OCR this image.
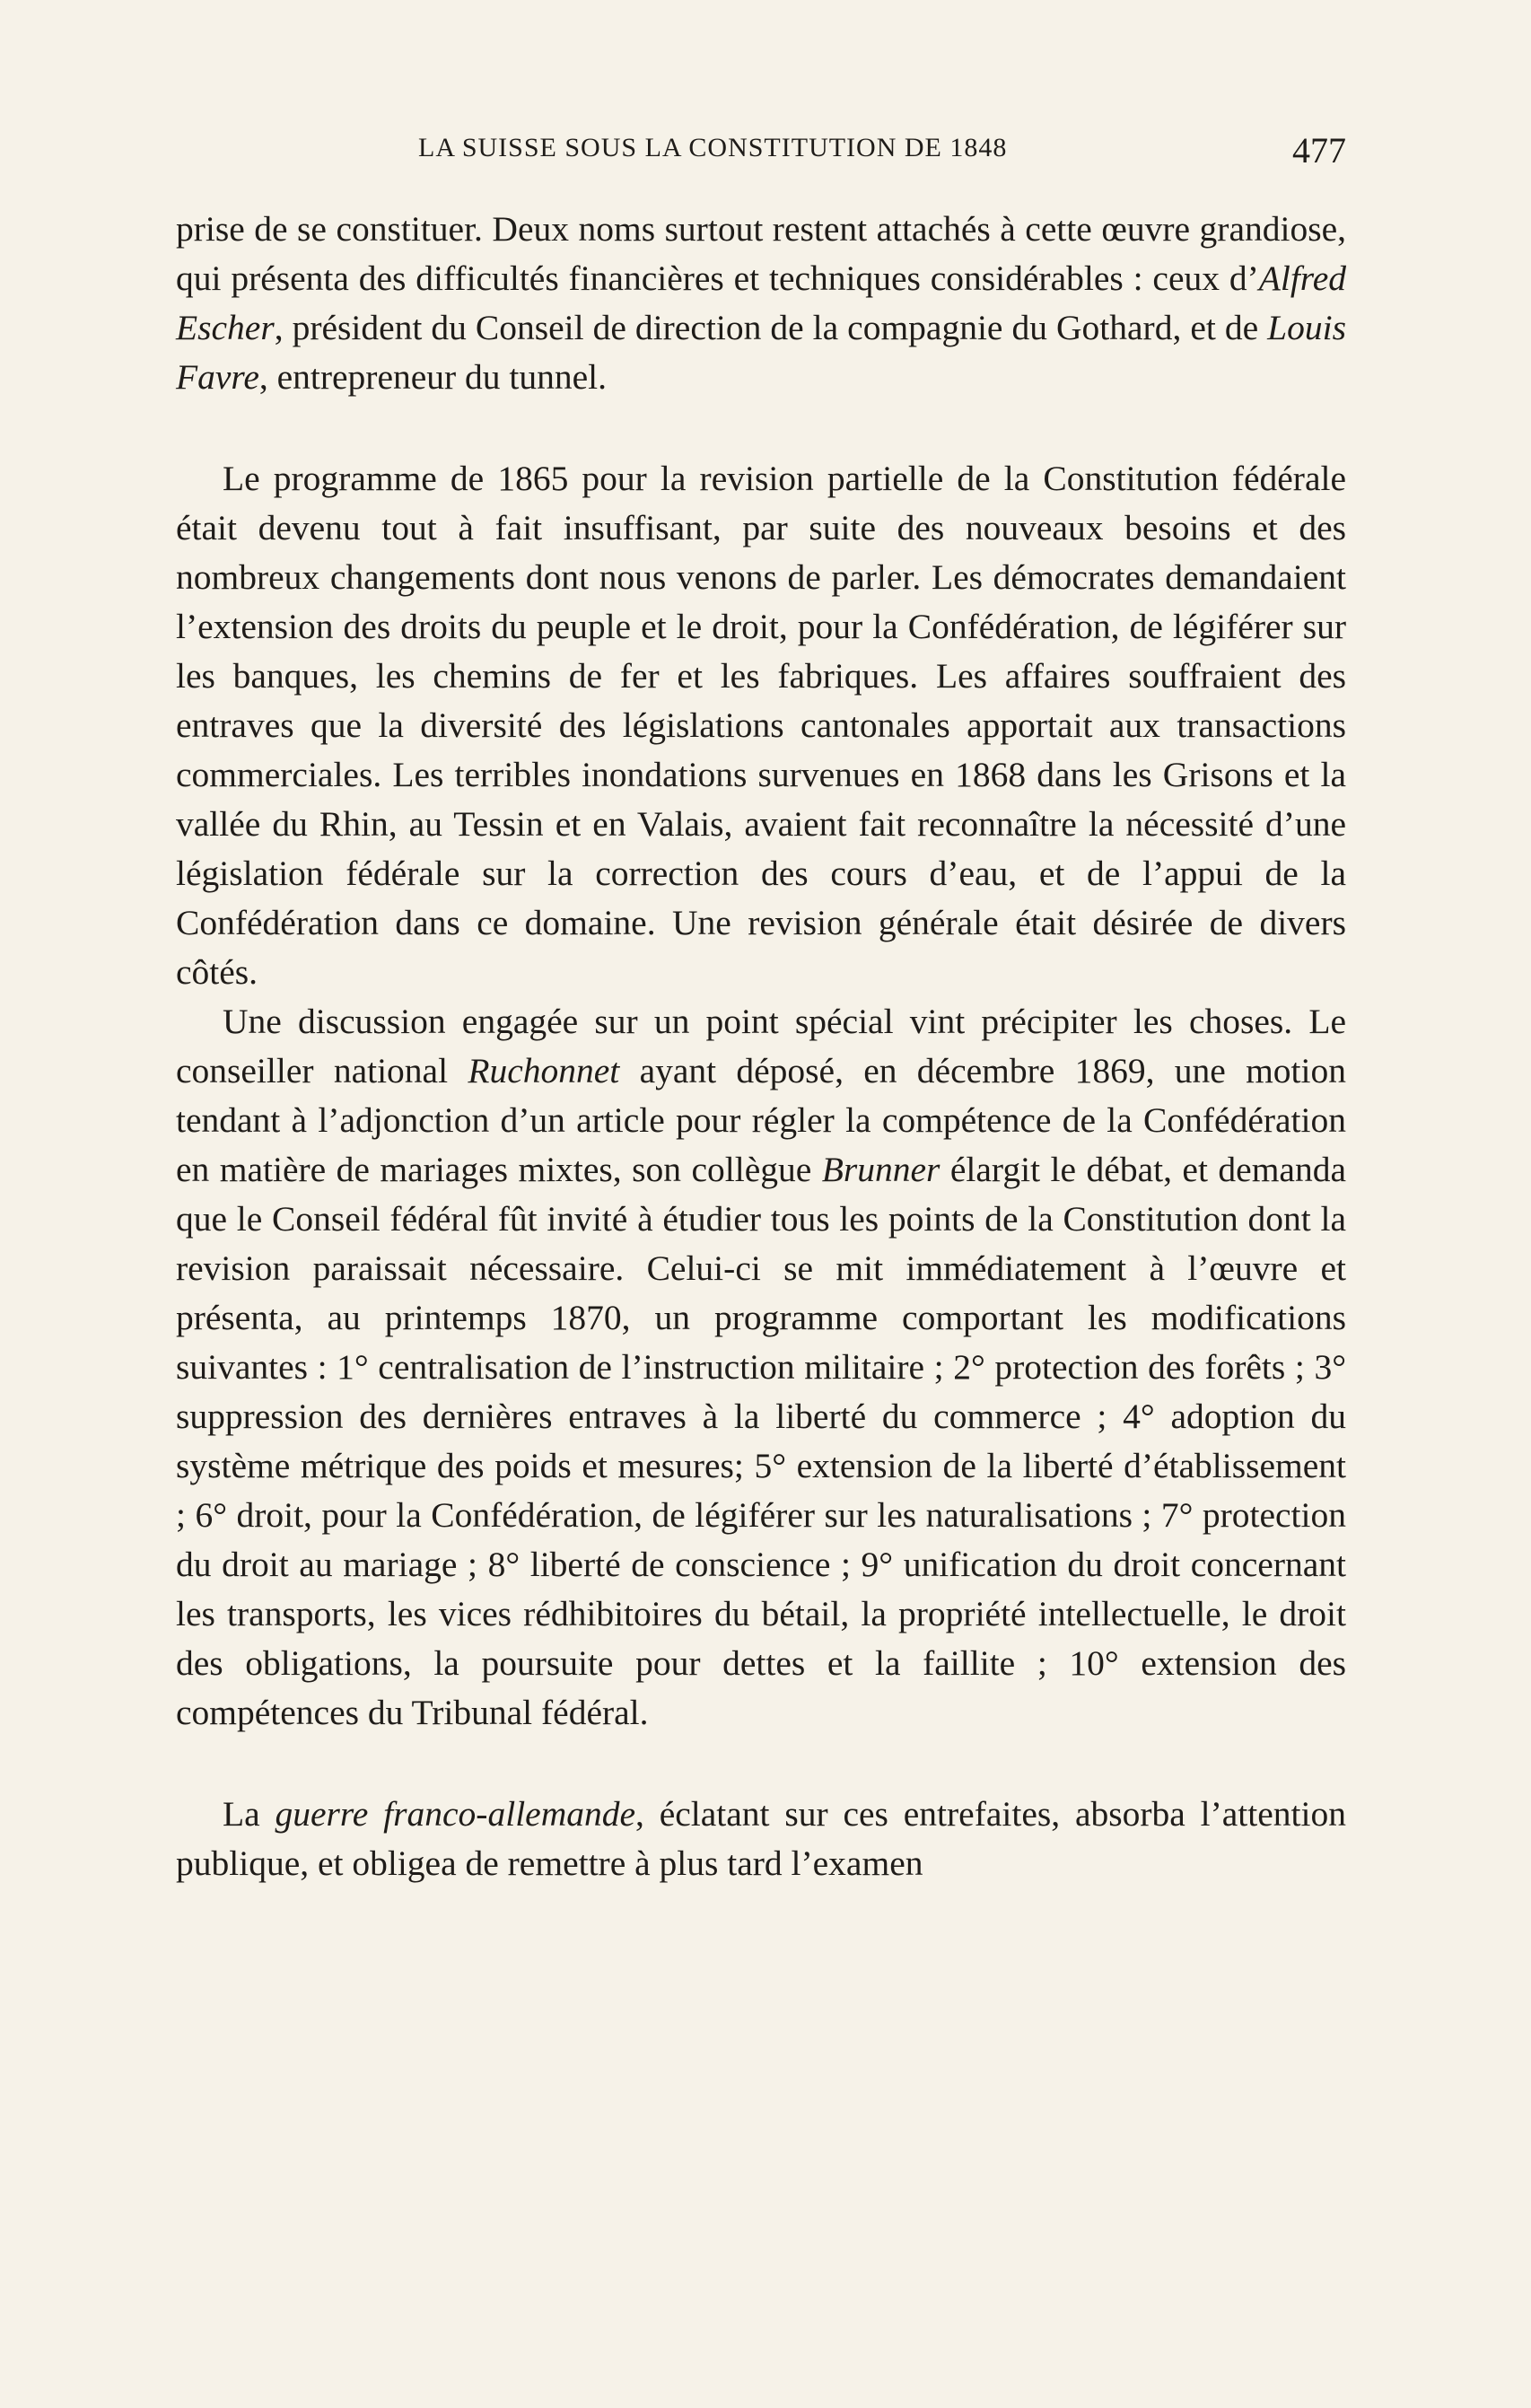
LA SUISSE SOUS LA CONSTITUTION DE 1848	477

prise de se constituer. Deux noms surtout restent attachés à cette œuvre grandiose, qui présenta des difficultés financières et techniques considérables : ceux d’Alfred Escher, président du Conseil de direction de la compagnie du Gothard, et de Louis Favre, entrepreneur du tunnel.

Le programme de 1865 pour la revision partielle de la Constitution fédérale était devenu tout à fait insuffisant, par suite des nouveaux besoins et des nombreux changements dont nous venons de parler. Les démocrates demandaient l’extension des droits du peuple et le droit, pour la Confédération, de légiférer sur les banques, les chemins de fer et les fabriques. Les affaires souffraient des entraves que la diversité des législations cantonales apportait aux transactions commerciales. Les terribles inondations survenues en 1868 dans les Grisons et la vallée du Rhin, au Tessin et en Valais, avaient fait reconnaître la nécessité d’une législation fédérale sur la correction des cours d’eau, et de l’appui de la Confédération dans ce domaine. Une revision générale était désirée de divers côtés.

Une discussion engagée sur un point spécial vint précipiter les choses. Le conseiller national Ruchonnet ayant déposé, en décembre 1869, une motion tendant à l’adjonction d’un article pour régler la compétence de la Confédération en matière de mariages mixtes, son collègue Brunner élargit le débat, et demanda que le Conseil fédéral fût invité à étudier tous les points de la Constitution dont la revision paraissait nécessaire. Celui-ci se mit immédiatement à l’œuvre et présenta, au printemps 1870, un programme comportant les modifications suivantes : 1° centralisation de l’instruction militaire ; 2° protection des forêts ; 3° suppression des dernières entraves à la liberté du commerce ; 4° adoption du système métrique des poids et mesures; 5° extension de la liberté d’établissement ; 6° droit, pour la Confédération, de légiférer sur les naturalisations ; 7° protection du droit au mariage ; 8° liberté de conscience ; 9° unification du droit concernant les transports, les vices rédhibitoires du bétail, la propriété intellectuelle, le droit des obligations, la poursuite pour dettes et la faillite ; 10° extension des compétences du Tribunal fédéral.

La guerre franco-allemande, éclatant sur ces entrefaites, absorba l’attention publique, et obligea de remettre à plus tard l’examen
